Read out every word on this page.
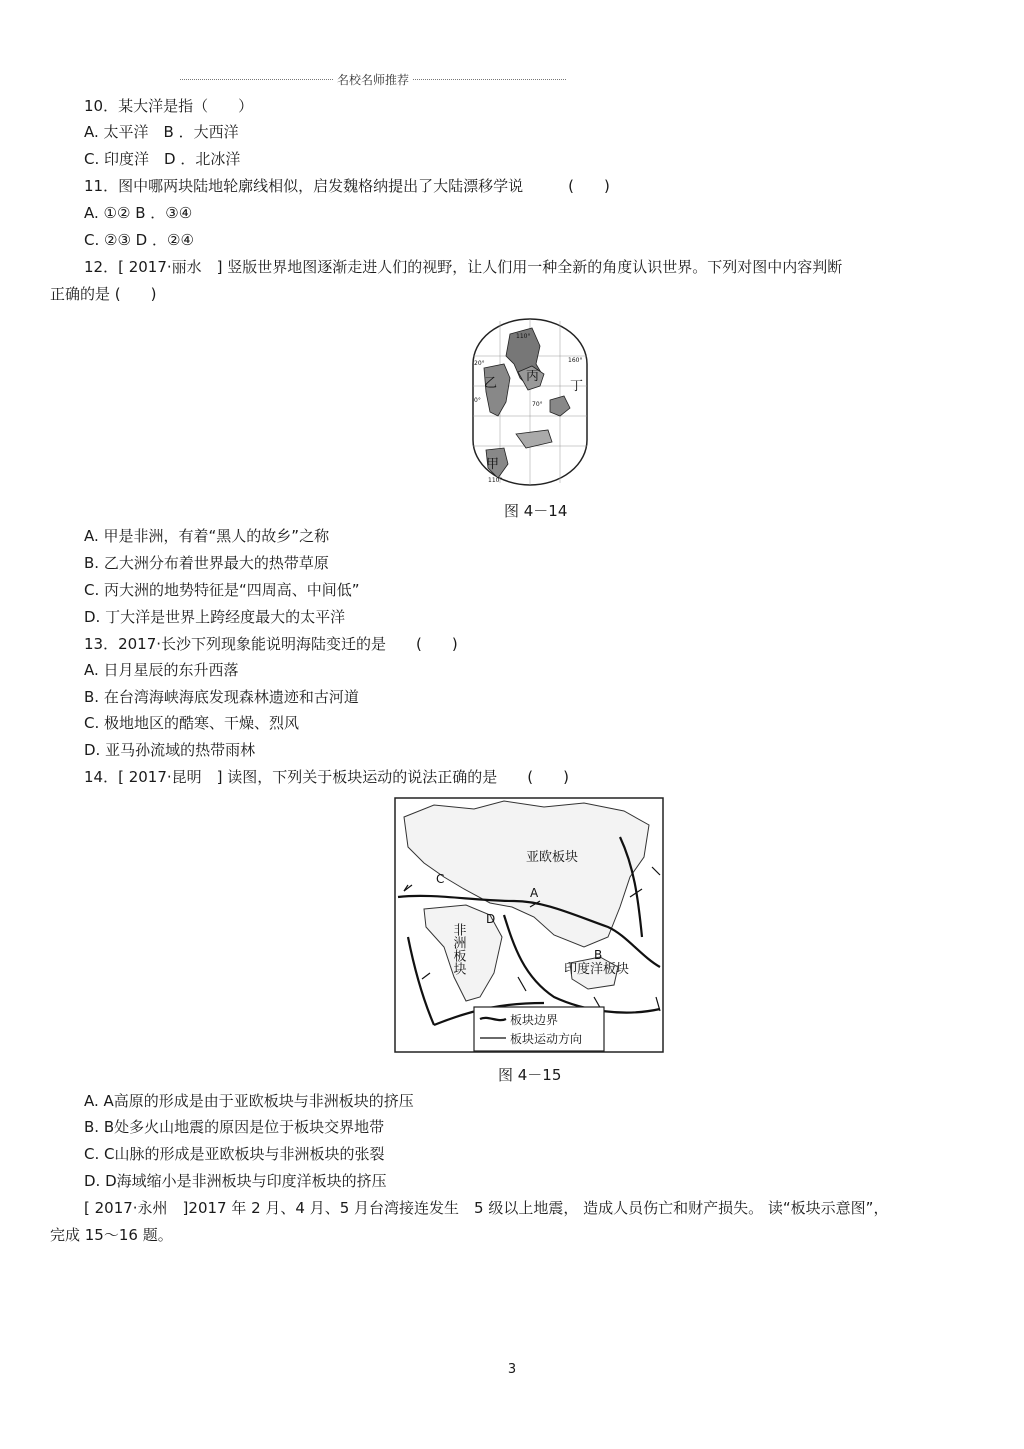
名校名师推荐
10．某大洋是指（　　）
A. 太平洋　B ．大西洋
C. 印度洋　D ．北冰洋
11．图中哪两块陆地轮廓线相似，启发魏格纳提出了大陆漂移学说　　　(　　)
A. ①② B ．③④
C. ②③ D ．②④
12．[ 2017·丽水　] 竖版世界地图逐渐走进人们的视野，让人们用一种全新的角度认识世界。下列对图中内容判断
正确的是 (　　)
乙 丙
丁
甲
20°
110°
160°
0°
70°
110°
图 4－14
A. 甲是非洲，有着“黑人的故乡”之称
B. 乙大洲分布着世界最大的热带草原
C. 丙大洲的地势特征是“四周高、中间低”
D. 丁大洋是世界上跨经度最大的太平洋
13．2017·长沙下列现象能说明海陆变迁的是　　(　　)
A. 日月星辰的东升西落
B. 在台湾海峡海底发现森林遗迹和古河道
C. 极地地区的酷寒、干燥、烈风
D. 亚马孙流域的热带雨林
14．[ 2017·昆明　] 读图，下列关于板块运动的说法正确的是　　(　　)
亚欧板块
非洲板块	印度洋板块
A
B
C
D
板块边界
板块运动方向
图 4－15
A. A高原的形成是由于亚欧板块与非洲板块的挤压
B. B处多火山地震的原因是位于板块交界地带
C. C山脉的形成是亚欧板块与非洲板块的张裂
D. D海域缩小是非洲板块与印度洋板块的挤压
[ 2017·永州　]2017 年 2 月、4 月、5 月台湾接连发生　5 级以上地震， 造成人员伤亡和财产损失。 读“板块示意图”，
完成 15～16 题。
3
